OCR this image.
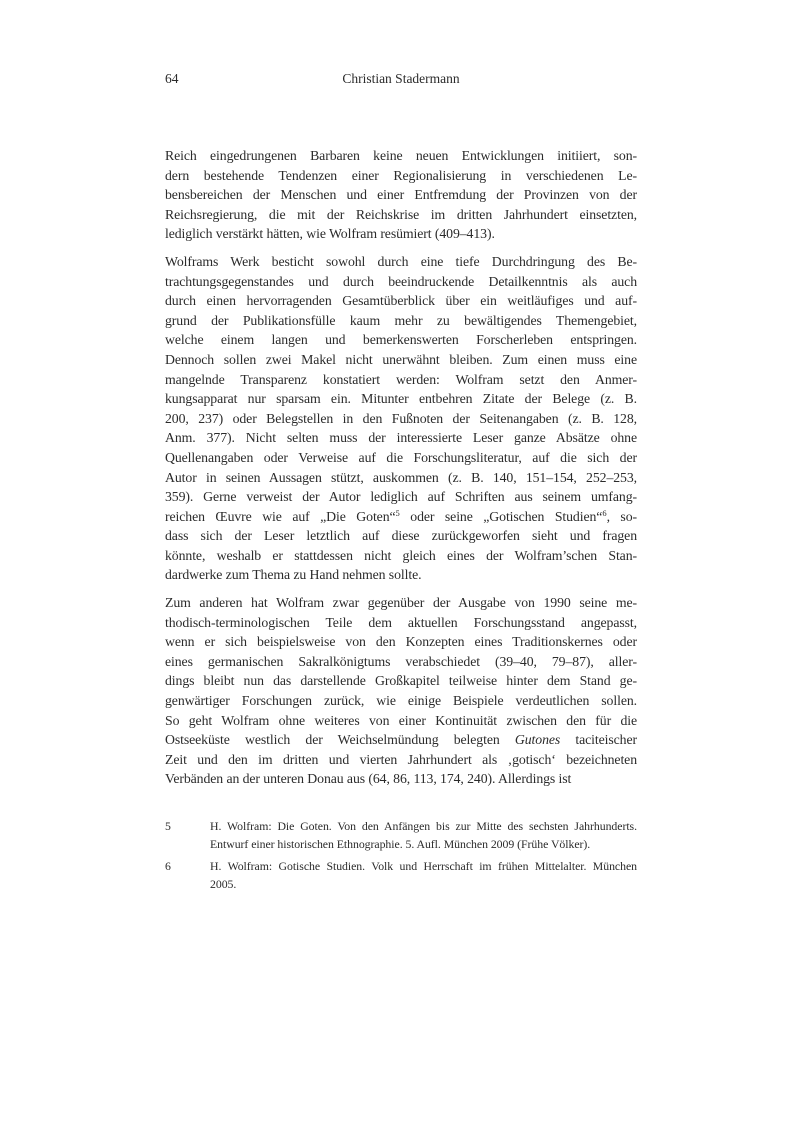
64	Christian Stadermann
Reich eingedrungenen Barbaren keine neuen Entwicklungen initiiert, son-
dern bestehende Tendenzen einer Regionalisierung in verschiedenen Le-
bensbereichen der Menschen und einer Entfremdung der Provinzen von der
Reichsregierung, die mit der Reichskrise im dritten Jahrhundert einsetzten,
lediglich verstärkt hätten, wie Wolfram resümiert (409–413).
Wolframs Werk besticht sowohl durch eine tiefe Durchdringung des Be-
trachtungsgegenstandes und durch beeindruckende Detailkenntnis als auch
durch einen hervorragenden Gesamtüberblick über ein weitläufiges und auf-
grund der Publikationsfülle kaum mehr zu bewältigendes Themengebiet,
welche einem langen und bemerkenswerten Forscherleben entspringen.
Dennoch sollen zwei Makel nicht unerwähnt bleiben. Zum einen muss eine
mangelnde Transparenz konstatiert werden: Wolfram setzt den Anmer-
kungsapparat nur sparsam ein. Mitunter entbehren Zitate der Belege (z. B.
200, 237) oder Belegstellen in den Fußnoten der Seitenangaben (z. B. 128,
Anm. 377). Nicht selten muss der interessierte Leser ganze Absätze ohne
Quellenangaben oder Verweise auf die Forschungsliteratur, auf die sich der
Autor in seinen Aussagen stützt, auskommen (z. B. 140, 151–154, 252–253,
359). Gerne verweist der Autor lediglich auf Schriften aus seinem umfang-
reichen Œuvre wie auf „Die Goten“$^5$ oder seine „Gotischen Studien“$^6$, so-
dass sich der Leser letztlich auf diese zurückgeworfen sieht und fragen
könnte, weshalb er stattdessen nicht gleich eines der Wolfram’schen Stan-
dardwerke zum Thema zu Hand nehmen sollte.
Zum anderen hat Wolfram zwar gegenüber der Ausgabe von 1990 seine me-
thodisch-terminologischen Teile dem aktuellen Forschungsstand angepasst,
wenn er sich beispielsweise von den Konzepten eines Traditionskernes oder
eines germanischen Sakralkönigtums verabschiedet (39–40, 79–87), aller-
dings bleibt nun das darstellende Großkapitel teilweise hinter dem Stand ge-
genwärtiger Forschungen zurück, wie einige Beispiele verdeutlichen sollen.
So geht Wolfram ohne weiteres von einer Kontinuität zwischen den für die
Ostseeküste westlich der Weichselmündung belegten Gutones taciteischer
Zeit und den im dritten und vierten Jahrhundert als ‚gotisch‘ bezeichneten
Verbänden an der unteren Donau aus (64, 86, 113, 174, 240). Allerdings ist
5	H. Wolfram: Die Goten. Von den Anfängen bis zur Mitte des sechsten Jahrhunderts.
Entwurf einer historischen Ethnographie. 5. Aufl. München 2009 (Frühe Völker).
6	H. Wolfram: Gotische Studien. Volk und Herrschaft im frühen Mittelalter. München
2005.
